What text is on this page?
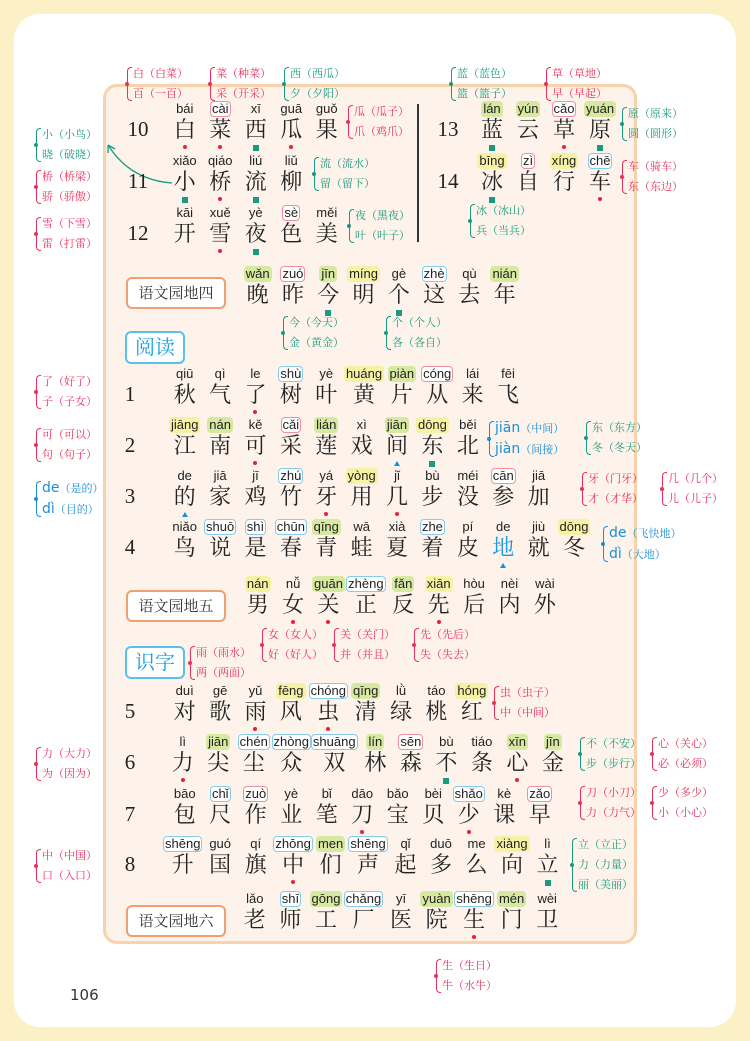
语文园地四
阅读
语文园地五
识字
语文园地六
10
11
12
13
14
1
2
3
4
5
6
7
8
bái
白
cài
菜
xī
西
guā
瓜
guǒ
果
xiǎo
小
qiáo
桥
liú
流
liǔ
柳
kāi
开
xuě
雪
yè
夜
sè
色
měi
美
lán
蓝
yún
云
cǎo
草
yuán
原
bīng
冰
zì
自
xíng
行
chē
车
wǎn
晚
zuó
昨
jīn
今
míng
明
gè
个
zhè
这
qù
去
nián
年
qiū
秋
qì
气
le
了
shù
树
yè
叶
huáng
黄
piàn
片
cóng
从
lái
来
fēi
飞
jiāng
江
nán
南
kě
可
cǎi
采
lián
莲
xì
戏
jiān
间
dōng
东
běi
北
de
的
jiā
家
jī
鸡
zhú
竹
yá
牙
yòng
用
jǐ
几
bù
步
méi
没
cān
参
jiā
加
niǎo
鸟
shuō
说
shì
是
chūn
春
qīng
青
wā
蛙
xià
夏
zhe
着
pí
皮
de
地
jiù
就
dōng
冬
nán
男
nǚ
女
guān
关
zhèng
正
fǎn
反
xiān
先
hòu
后
nèi
内
wài
外
duì
对
gē
歌
yǔ
雨
fēng
风
chóng
虫
qīng
清
lǜ
绿
táo
桃
hóng
红
lì
力
jiān
尖
chén
尘
zhòng
众
shuāng
双
lín
林
sēn
森
bù
不
tiáo
条
xīn
心
jīn
金
bāo
包
chǐ
尺
zuò
作
yè
业
bǐ
笔
dāo
刀
bǎo
宝
bèi
贝
shǎo
少
kè
课
zǎo
早
shēng
升
guó
国
qí
旗
zhōng
中
men
们
shēng
声
qǐ
起
duō
多
me
么
xiàng
向
lì
立
lǎo
老
shī
师
gōng
工
chǎng
厂
yī
医
yuàn
院
shēng
生
mén
门
wèi
卫
白（白菜）
百（一百）
菜（种菜）
采（开采）
西（西瓜）
夕（夕阳）
瓜（瓜子）
爪（鸡爪）
流（流水）
留（留下）
夜（黑夜）
叶（叶子）
蓝（蓝色）
篮（篮子）
草（草地）
早（早起）
原（原来）
圆（圆形）
车（骑车）
东（东边）
冰（冰山）
兵（当兵）
小（小鸟）
晓（破晓）
桥（桥梁）
骄（骄傲）
雪（下雪）
雷（打雷）
今（今天）
金（黄金）
个（个人）
各（各自）
了（好了）
子（子女）
可（可以）
句（句子）
de（是的）
dì（目的）
jiān（中间）
jiàn（间接）
东（东方）
冬（冬天）
牙（门牙）
才（才华）
几（几个）
儿（儿子）
de（飞快地）
dì（大地）
女（女人）
好（好人）
关（关门）
并（并且）
先（先后）
失（失去）
雨（雨水）
两（两面）
虫（虫子）
中（中间）
力（大力）
为（因为）
不（不安）
步（步行）
心（关心）
必（必须）
刀（小刀）
力（力气）
少（多少）
小（小心）
中（中国）
口（入口）
立（立正）
力（力量）
丽（美丽）
生（生日）
牛（水牛）
106
